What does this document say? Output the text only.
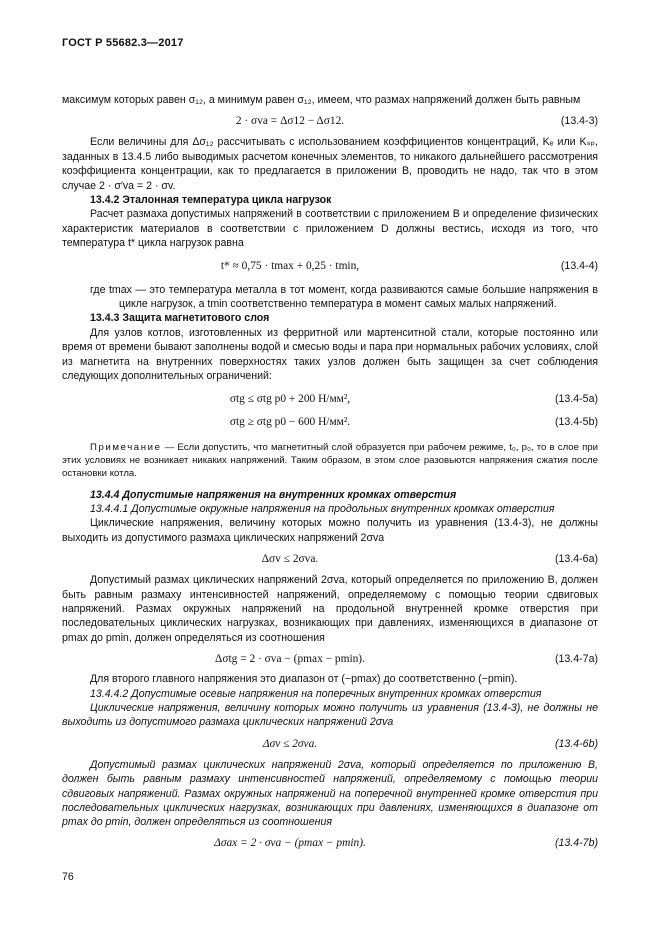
ГОСТ Р 55682.3—2017

максимум которых равен σ₁₂, а минимум равен σ₁₂, имеем, что размах напряжений должен быть равным

2 · σva = Δσ12 − Δσ12.	(13.4-3)

Если величины для Δσ₁₂ рассчитывать с использованием коэффициентов концентраций, Kₑ или Kₛₚ, заданных в 13.4.5 либо выводимых расчетом конечных элементов, то никакого дальнейшего рассмотрения коэффициента концентрации, как то предлагается в приложении В, проводить не надо, так что в этом случае 2 · σ′va = 2 · σv.

13.4.2 Эталонная температура цикла нагрузок

Расчет размаха допустимых напряжений в соответствии с приложением В и определение физических характеристик материалов в соответствии с приложением D должны вестись, исходя из того, что температура t* цикла нагрузок равна

t* ≈ 0,75 · tmax + 0,25 · tmin,	(13.4-4)

где tmax — это температура металла в тот момент, когда развиваются самые большие напряжения в цикле нагрузок, а tmin соответственно температура в момент самых малых напряжений.

13.4.3 Защита магнетитового слоя

Для узлов котлов, изготовленных из ферритной или мартенситной стали, которые постоянно или время от времени бывают заполнены водой и смесью воды и пара при нормальных рабочих условиях, слой из магнетита на внутренних поверхностях таких узлов должен быть защищен за счет соблюдения следующих дополнительных ограничений:

σtg ≤ σtg p0 + 200 Н/мм²,	(13.4-5a)
σtg ≥ σtg p0 − 600 Н/мм².	(13.4-5b)

Примечание — Если допустить, что магнетитный слой образуется при рабочем режиме, t₀, p₀, то в слое при этих условиях не возникает никаких напряжений. Таким образом, в этом слое разовьются напряжения сжатия после остановки котла.

13.4.4 Допустимые напряжения на внутренних кромках отверстия

13.4.4.1 Допустимые окружные напряжения на продольных внутренних кромках отверстия

Циклические напряжения, величину которых можно получить из уравнения (13.4-3), не должны выходить из допустимого размаха циклических напряжений 2σva

Δσv ≤ 2σva.	(13.4-6a)

Допустимый размах циклических напряжений 2σva, который определяется по приложению В, должен быть равным размаху интенсивностей напряжений, определяемому с помощью теории сдвиговых напряжений. Размах окружных напряжений на продольной внутренней кромке отверстия при последовательных циклических нагрузках, возникающих при давлениях, изменяющихся в диапазоне от pmax до pmin, должен определяться из соотношения

Δσtg = 2 · σva − (pmax − pmin).	(13.4-7a)

Для второго главного напряжения это диапазон от (−pmax) до соответственно (−pmin).

13.4.4.2 Допустимые осевые напряжения на поперечных внутренних кромках отверстия

Циклические напряжения, величину которых можно получить из уравнения (13.4-3), не должны не выходить из допустимого размаха циклических напряжений 2σva

Δσv ≤ 2σva.	(13.4-6b)

Допустимый размах циклических напряжений 2σva, который определяется по приложению В, должен быть равным размаху интенсивностей напряжений, определяемому с помощью теории сдвиговых напряжений. Размах окружных напряжений на поперечной внутренней кромке отверстия при последовательных циклических нагрузках, возникающих при давлениях, изменяющихся в диапазоне от pmax до pmin, должен определяться из соотношения

Δσax = 2 · σva − (pmax − pmin).	(13.4-7b)
76
